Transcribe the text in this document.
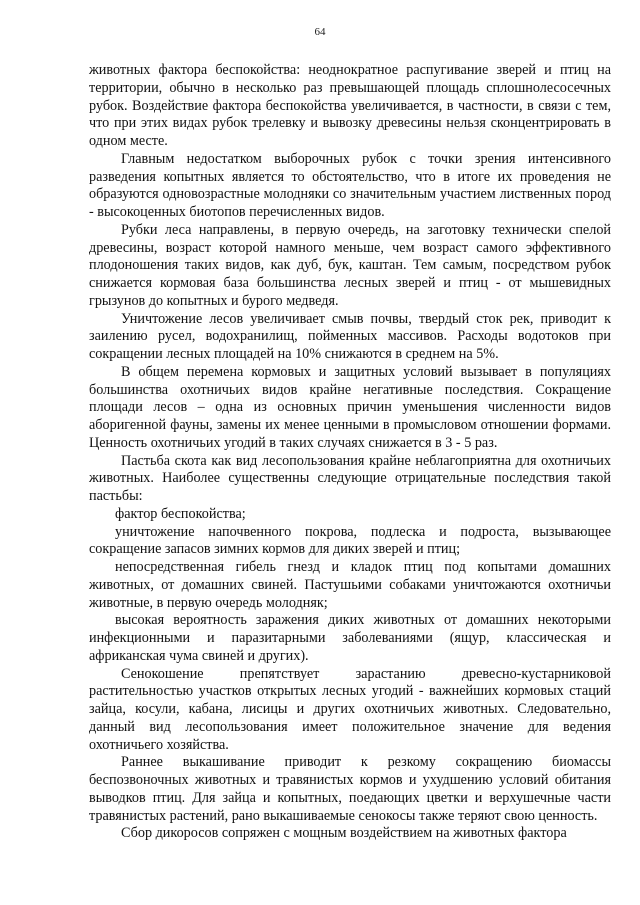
64

животных фактора беспокойства: неоднократное распугивание зверей и птиц на территории, обычно в несколько раз превышающей площадь сплошнолесосечных рубок. Воздействие фактора беспокойства увеличивается, в частности, в связи с тем, что при этих видах рубок трелевку и вывозку древесины нельзя сконцентрировать в одном месте.

Главным недостатком выборочных рубок с точки зрения интенсивного разведения копытных является то обстоятельство, что в итоге их проведения не образуются одновозрастные молодняки со значительным участием лиственных пород - высокоценных биотопов перечисленных видов.

Рубки леса направлены, в первую очередь, на заготовку технически спелой древесины, возраст которой намного меньше, чем возраст самого эффективного плодоношения таких видов, как дуб, бук, каштан. Тем самым, посредством рубок снижается кормовая база большинства лесных зверей и птиц - от мышевидных грызунов до копытных и бурого медведя.

Уничтожение лесов увеличивает смыв почвы, твердый сток рек, приводит к заилению русел, водохранилищ, пойменных массивов. Расходы водотоков при сокращении лесных площадей на 10% снижаются в среднем на 5%.

В общем перемена кормовых и защитных условий вызывает в популяциях большинства охотничьих видов крайне негативные последствия. Сокращение площади лесов – одна из основных причин уменьшения численности видов аборигенной фауны, замены их менее ценными в промысловом отношении формами. Ценность охотничьих угодий в таких случаях снижается в 3 - 5 раз.

Пастьба скота как вид лесопользования крайне неблагоприятна для охотничьих животных. Наиболее существенны следующие отрицательные последствия такой пастьбы:

фактор беспокойства;

уничтожение напочвенного покрова, подлеска и подроста, вызывающее сокращение запасов зимних кормов для диких зверей и птиц;

непосредственная гибель гнезд и кладок птиц под копытами домашних животных, от домашних свиней. Пастушьими собаками уничтожаются охотничьи животные, в первую очередь молодняк;

высокая вероятность заражения диких животных от домашних некоторыми инфекционными и паразитарными заболеваниями (ящур, классическая и африканская чума свиней и других).

Сенокошение препятствует зарастанию древесно-кустарниковой растительностью участков открытых лесных угодий - важнейших кормовых стаций зайца, косули, кабана, лисицы и других охотничьих животных. Следовательно, данный вид лесопользования имеет положительное значение для ведения охотничьего хозяйства.

Раннее выкашивание приводит к резкому сокращению биомассы беспозвоночных животных и травянистых кормов и ухудшению условий обитания выводков птиц. Для зайца и копытных, поедающих цветки и верхушечные части травянистых растений, рано выкашиваемые сенокосы также теряют свою ценность.

Сбор дикоросов сопряжен с мощным воздействием на животных фактора
